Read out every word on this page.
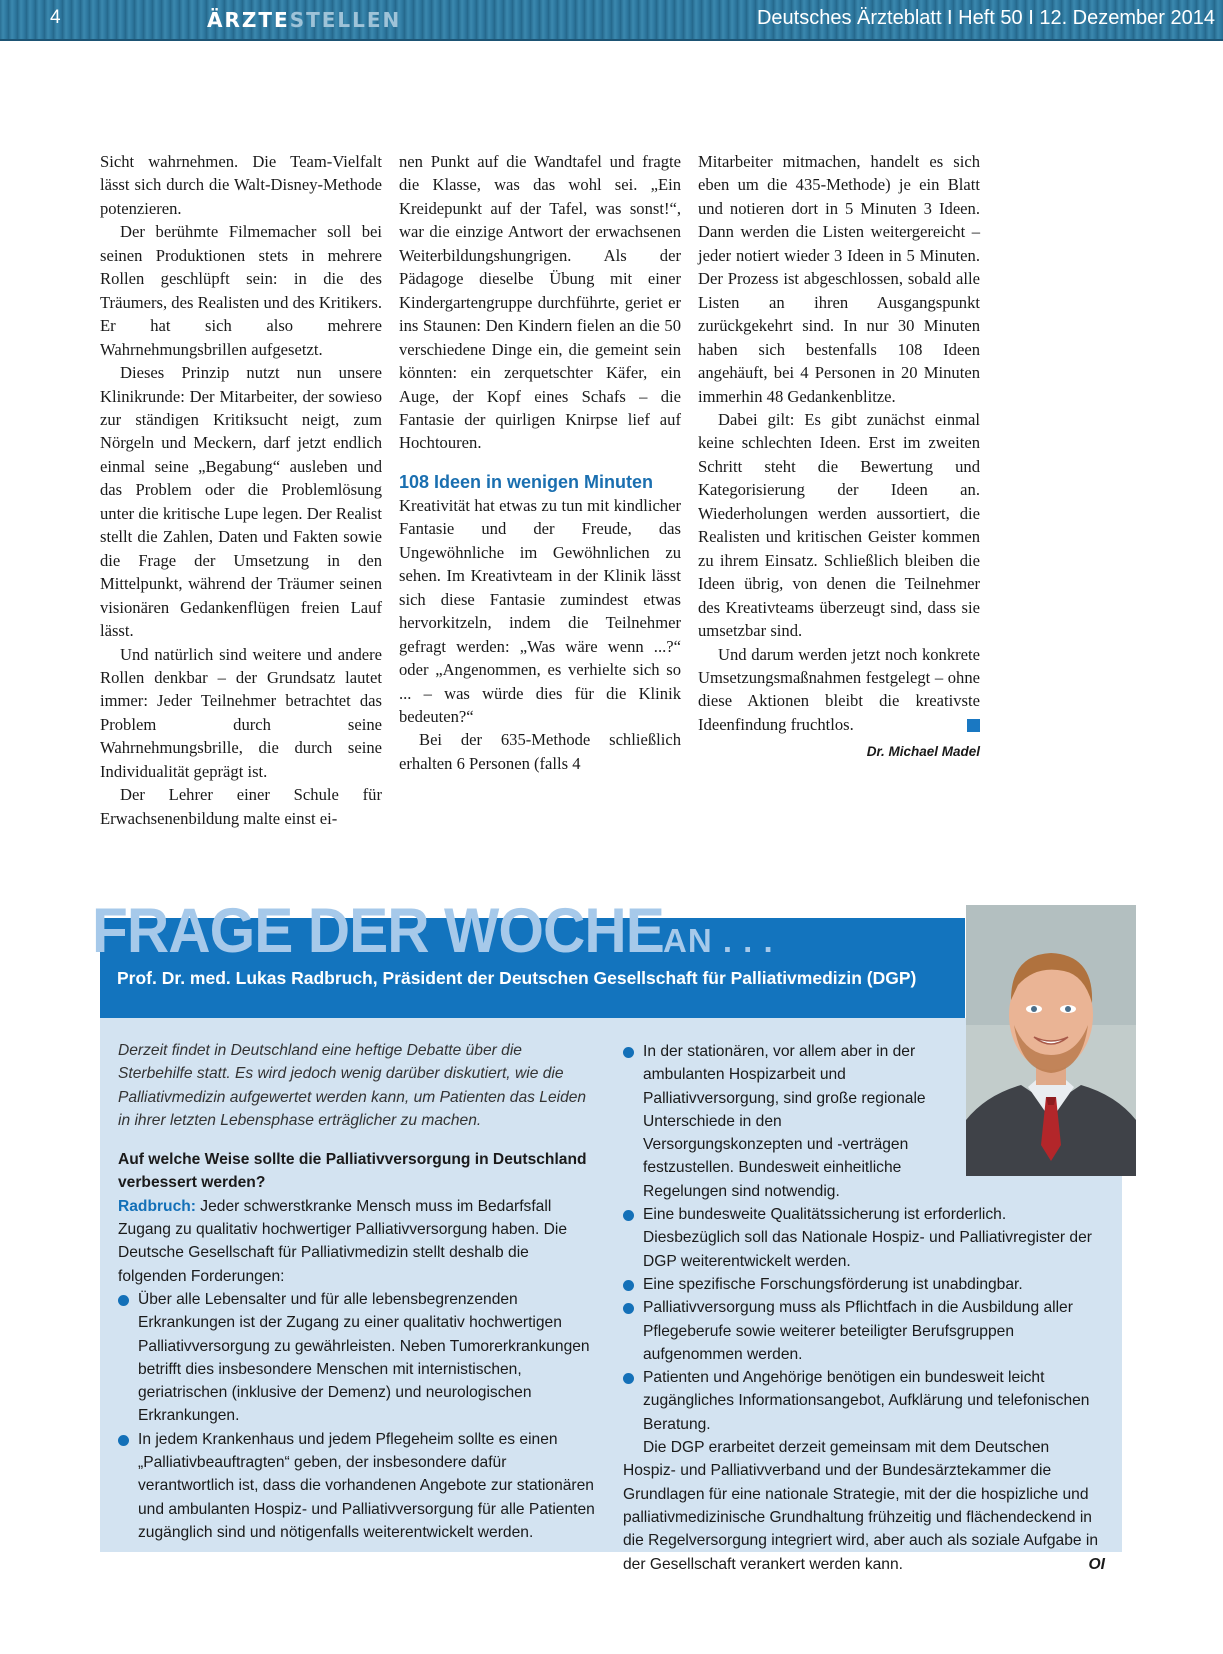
4	ÄRZTESTELLEN	Deutsches Ärzteblatt I Heft 50 I 12. Dezember 2014

Sicht wahrnehmen. Die Team-Vielfalt lässt sich durch die Walt-Disney-Methode potenzieren.

Der berühmte Filmemacher soll bei seinen Produktionen stets in mehrere Rollen geschlüpft sein: in die des Träumers, des Realisten und des Kritikers. Er hat sich also mehrere Wahrnehmungsbrillen aufgesetzt.

Dieses Prinzip nutzt nun unsere Klinikrunde: Der Mitarbeiter, der sowieso zur ständigen Kritiksucht neigt, zum Nörgeln und Meckern, darf jetzt endlich einmal seine „Begabung“ ausleben und das Problem oder die Problemlösung unter die kritische Lupe legen. Der Realist stellt die Zahlen, Daten und Fakten sowie die Frage der Umsetzung in den Mittelpunkt, während der Träumer seinen visionären Gedankenflügen freien Lauf lässt.

Und natürlich sind weitere und andere Rollen denkbar – der Grundsatz lautet immer: Jeder Teilnehmer betrachtet das Problem durch seine Wahrnehmungsbrille, die durch seine Individualität geprägt ist.

Der Lehrer einer Schule für Erwachsenenbildung malte einst ei-

nen Punkt auf die Wandtafel und fragte die Klasse, was das wohl sei. „Ein Kreidepunkt auf der Tafel, was sonst!“, war die einzige Antwort der erwachsenen Weiterbildungshungrigen. Als der Pädagoge dieselbe Übung mit einer Kindergartengruppe durchführte, geriet er ins Staunen: Den Kindern fielen an die 50 verschiedene Dinge ein, die gemeint sein könnten: ein zerquetschter Käfer, ein Auge, der Kopf eines Schafs – die Fantasie der quirligen Knirpse lief auf Hochtouren.

108 Ideen in wenigen Minuten

Kreativität hat etwas zu tun mit kindlicher Fantasie und der Freude, das Ungewöhnliche im Gewöhnlichen zu sehen. Im Kreativteam in der Klinik lässt sich diese Fantasie zumindest etwas hervorkitzeln, indem die Teilnehmer gefragt werden: „Was wäre wenn ...?“ oder „Angenommen, es verhielte sich so ... – was würde dies für die Klinik bedeuten?“

Bei der 635-Methode schließlich erhalten 6 Personen (falls 4

Mitarbeiter mitmachen, handelt es sich eben um die 435-Methode) je ein Blatt und notieren dort in 5 Minuten 3 Ideen. Dann werden die Listen weitergereicht – jeder notiert wieder 3 Ideen in 5 Minuten. Der Prozess ist abgeschlossen, sobald alle Listen an ihren Ausgangspunkt zurückgekehrt sind. In nur 30 Minuten haben sich bestenfalls 108 Ideen angehäuft, bei 4 Personen in 20 Minuten immerhin 48 Gedankenblitze.

Dabei gilt: Es gibt zunächst einmal keine schlechten Ideen. Erst im zweiten Schritt steht die Bewertung und Kategorisierung der Ideen an. Wiederholungen werden aussortiert, die Realisten und kritischen Geister kommen zu ihrem Einsatz. Schließlich bleiben die Ideen übrig, von denen die Teilnehmer des Kreativteams überzeugt sind, dass sie umsetzbar sind.

Und darum werden jetzt noch konkrete Umsetzungsmaßnahmen festgelegt – ohne diese Aktionen bleibt die kreativste Ideenfindung fruchtlos.

Dr. Michael Madel
FRAGE DER WOCHE AN . . .
Prof. Dr. med. Lukas Radbruch, Präsident der Deutschen Gesellschaft für Palliativmedizin (DGP)
Derzeit findet in Deutschland eine heftige Debatte über die Sterbehilfe statt. Es wird jedoch wenig darüber diskutiert, wie die Palliativmedizin aufgewertet werden kann, um Patienten das Leiden in ihrer letzten Lebensphase erträglicher zu machen.
Auf welche Weise sollte die Palliativversorgung in Deutschland verbessert werden?
Radbruch: Jeder schwerstkranke Mensch muss im Bedarfsfall Zugang zu qualitativ hochwertiger Palliativversorgung haben. Die Deutsche Gesellschaft für Palliativmedizin stellt deshalb die folgenden Forderungen:
Über alle Lebensalter und für alle lebensbegrenzenden Erkrankungen ist der Zugang zu einer qualitativ hochwertigen Palliativversorgung zu gewährleisten. Neben Tumorerkrankungen betrifft dies insbesondere Menschen mit internistischen, geriatrischen (inklusive der Demenz) und neurologischen Erkrankungen.
In jedem Krankenhaus und jedem Pflegeheim sollte es einen „Palliativbeauftragten“ geben, der insbesondere dafür verantwortlich ist, dass die vorhandenen Angebote zur stationären und ambulanten Hospiz- und Palliativversorgung für alle Patienten zugänglich sind und nötigenfalls weiterentwickelt werden.
In der stationären, vor allem aber in der ambulanten Hospizarbeit und Palliativversorgung, sind große regionale Unterschiede in den Versorgungskonzepten und -verträgen festzustellen. Bundesweit einheitliche Regelungen sind notwendig.
Eine bundesweite Qualitätssicherung ist erforderlich. Diesbezüglich soll das Nationale Hospiz- und Palliativregister der DGP weiterentwickelt werden.
Eine spezifische Forschungsförderung ist unabdingbar.
Palliativversorgung muss als Pflichtfach in die Ausbildung aller Pflegeberufe sowie weiterer beteiligter Berufsgruppen aufgenommen werden.
Patienten und Angehörige benötigen ein bundesweit leicht zugängliches Informationsangebot, Aufklärung und telefonischen Beratung.
Die DGP erarbeitet derzeit gemeinsam mit dem Deutschen Hospiz- und Palliativverband und der Bundesärztekammer die Grundlagen für eine nationale Strategie, mit der die hospizliche und palliativmedizinische Grundhaltung frühzeitig und flächendeckend in die Regelversorgung integriert wird, aber auch als soziale Aufgabe in der Gesellschaft verankert werden kann.	OI
